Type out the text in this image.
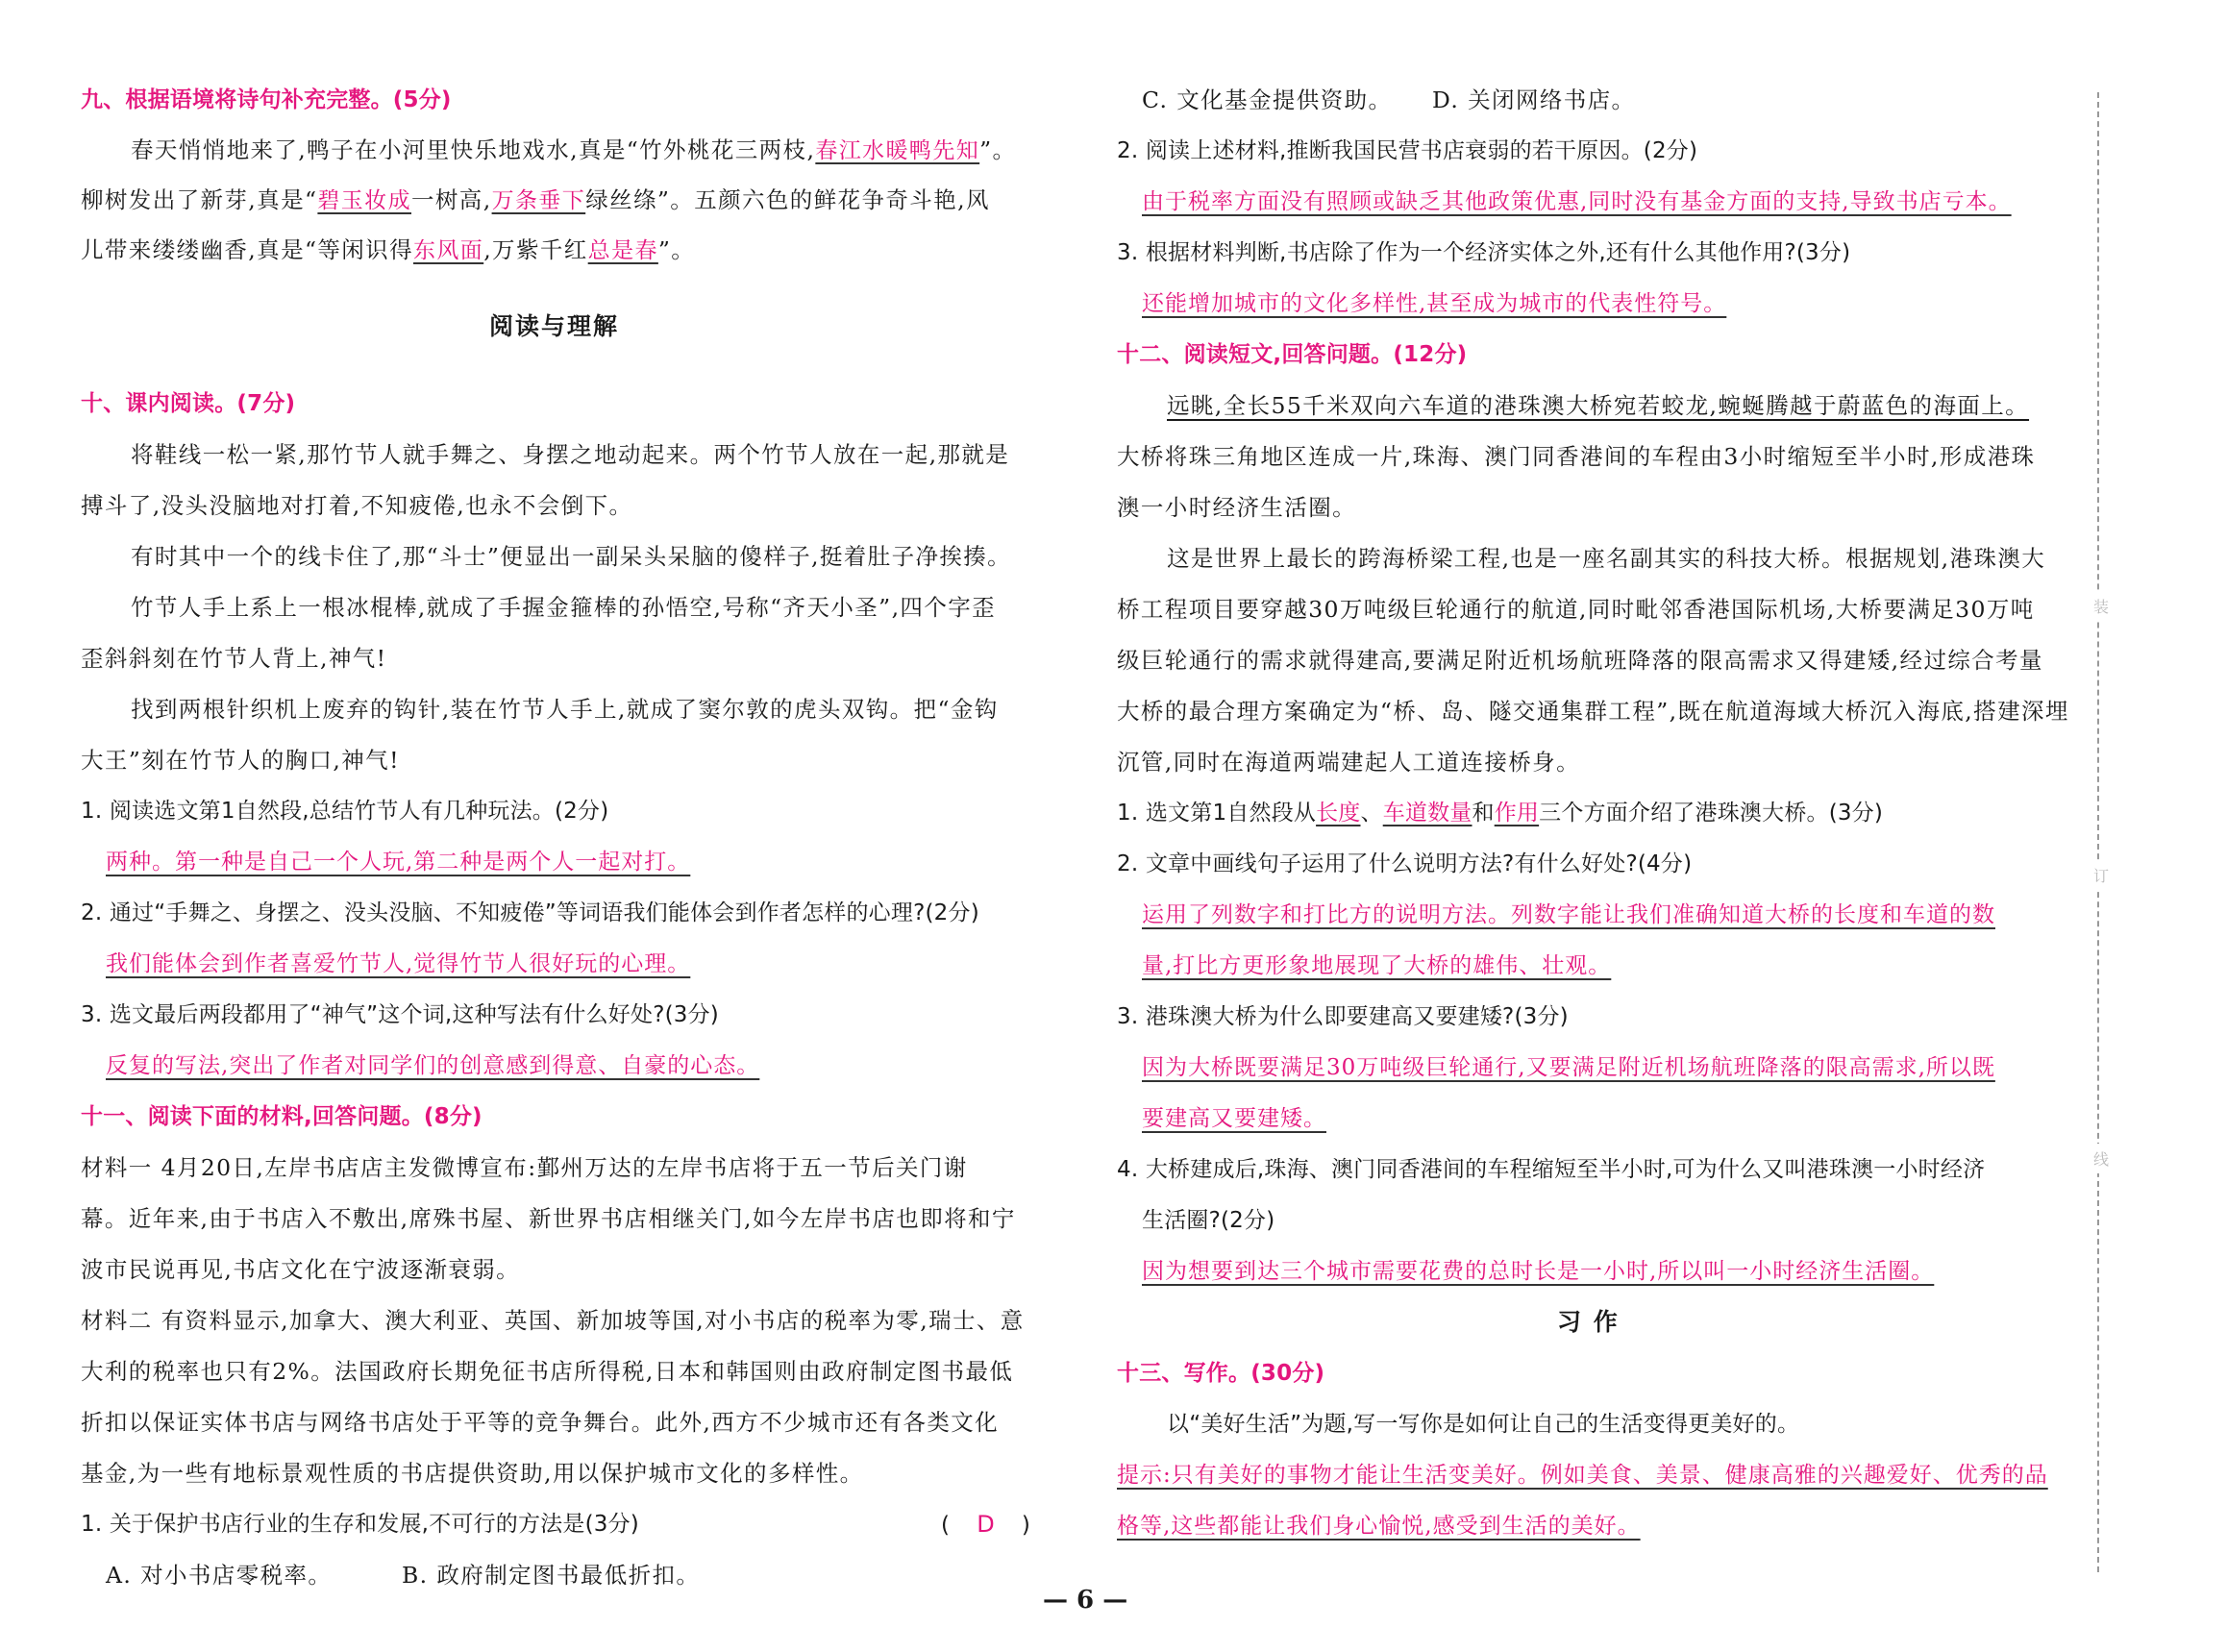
九、根据语境将诗句补充完整。(5分)
春天悄悄地来了,鸭子在小河里快乐地戏水,真是“竹外桃花三两枝,春江水暖鸭先知”。
柳树发出了新芽,真是“碧玉妆成一树高,万条垂下绿丝绦”。五颜六色的鲜花争奇斗艳,风
儿带来缕缕幽香,真是“等闲识得东风面,万紫千红总是春”。
阅读与理解
十、课内阅读。(7分)
将鞋线一松一紧,那竹节人就手舞之、身摆之地动起来。两个竹节人放在一起,那就是
搏斗了,没头没脑地对打着,不知疲倦,也永不会倒下。
有时其中一个的线卡住了,那“斗士”便显出一副呆头呆脑的傻样子,挺着肚子净挨揍。
竹节人手上系上一根冰棍棒,就成了手握金箍棒的孙悟空,号称“齐天小圣”,四个字歪
歪斜斜刻在竹节人背上,神气!
找到两根针织机上废弃的钩针,装在竹节人手上,就成了窦尔敦的虎头双钩。把“金钩
大王”刻在竹节人的胸口,神气!
1. 阅读选文第1自然段,总结竹节人有几种玩法。(2分)
两种。第一种是自己一个人玩,第二种是两个人一起对打。
2. 通过“手舞之、身摆之、没头没脑、不知疲倦”等词语我们能体会到作者怎样的心理?(2分)
我们能体会到作者喜爱竹节人,觉得竹节人很好玩的心理。
3. 选文最后两段都用了“神气”这个词,这种写法有什么好处?(3分)
反复的写法,突出了作者对同学们的创意感到得意、自豪的心态。
十一、阅读下面的材料,回答问题。(8分)
材料一 4月20日,左岸书店店主发微博宣布:鄞州万达的左岸书店将于五一节后关门谢
幕。近年来,由于书店入不敷出,席殊书屋、新世界书店相继关门,如今左岸书店也即将和宁
波市民说再见,书店文化在宁波逐渐衰弱。
材料二 有资料显示,加拿大、澳大利亚、英国、新加坡等国,对小书店的税率为零,瑞士、意
大利的税率也只有2%。法国政府长期免征书店所得税,日本和韩国则由政府制定图书最低
折扣以保证实体书店与网络书店处于平等的竞争舞台。此外,西方不少城市还有各类文化
基金,为一些有地标景观性质的书店提供资助,用以保护城市文化的多样性。
1. 关于保护书店行业的生存和发展,不可行的方法是(3分)	( D )
A. 对小书店零税率。	B. 政府制定图书最低折扣。
C. 文化基金提供资助。 D. 关闭网络书店。
2. 阅读上述材料,推断我国民营书店衰弱的若干原因。(2分)
由于税率方面没有照顾或缺乏其他政策优惠,同时没有基金方面的支持,导致书店亏本。
3. 根据材料判断,书店除了作为一个经济实体之外,还有什么其他作用?(3分)
还能增加城市的文化多样性,甚至成为城市的代表性符号。
十二、阅读短文,回答问题。(12分)
远眺,全长55千米双向六车道的港珠澳大桥宛若蛟龙,蜿蜒腾越于蔚蓝色的海面上。
大桥将珠三角地区连成一片,珠海、澳门同香港间的车程由3小时缩短至半小时,形成港珠
澳一小时经济生活圈。
这是世界上最长的跨海桥梁工程,也是一座名副其实的科技大桥。根据规划,港珠澳大
桥工程项目要穿越30万吨级巨轮通行的航道,同时毗邻香港国际机场,大桥要满足30万吨
级巨轮通行的需求就得建高,要满足附近机场航班降落的限高需求又得建矮,经过综合考量
大桥的最合理方案确定为“桥、岛、隧交通集群工程”,既在航道海域大桥沉入海底,搭建深埋
沉管,同时在海道两端建起人工道连接桥身。
1. 选文第1自然段从长度、车道数量和作用三个方面介绍了港珠澳大桥。(3分)
2. 文章中画线句子运用了什么说明方法?有什么好处?(4分)
运用了列数字和打比方的说明方法。列数字能让我们准确知道大桥的长度和车道的数
量,打比方更形象地展现了大桥的雄伟、壮观。
3. 港珠澳大桥为什么即要建高又要建矮?(3分)
因为大桥既要满足30万吨级巨轮通行,又要满足附近机场航班降落的限高需求,所以既
要建高又要建矮。
4. 大桥建成后,珠海、澳门同香港间的车程缩短至半小时,可为什么又叫港珠澳一小时经济
生活圈?(2分)
因为想要到达三个城市需要花费的总时长是一小时,所以叫一小时经济生活圈。
习 作
十三、写作。(30分)
以“美好生活”为题,写一写你是如何让自己的生活变得更美好的。
提示:只有美好的事物才能让生活变美好。例如美食、美景、健康高雅的兴趣爱好、优秀的品
格等,这些都能让我们身心愉悦,感受到生活的美好。
装
订
线
— 6 —
